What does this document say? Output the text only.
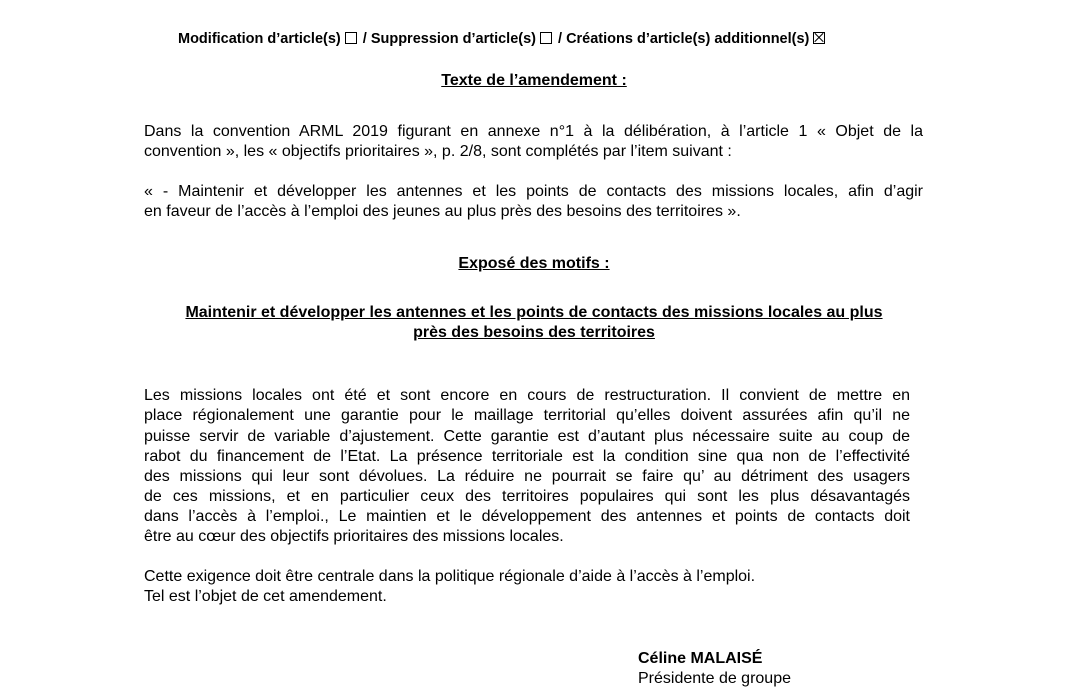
Modification d’article(s) / Suppression d’article(s) / Créations d’article(s) additionnel(s)
Texte de l’amendement :
Dans la convention ARML 2019 figurant en annexe n°1 à la délibération, à l’article 1 « Objet de la
convention », les « objectifs prioritaires », p. 2/8, sont complétés par l’item suivant :
« - Maintenir et développer les antennes et les points de contacts des missions locales, afin d’agir
en faveur de l’accès à l’emploi des jeunes au plus près des besoins des territoires ».
Exposé des motifs :
Maintenir et développer les antennes et les points de contacts des missions locales au plus
près des besoins des territoires
Les missions locales ont été et sont encore en cours de restructuration. Il convient de mettre en
place régionalement une garantie pour le maillage territorial qu’elles doivent assurées afin qu’il ne
puisse servir de variable d’ajustement. Cette garantie est d’autant plus nécessaire suite au coup de
rabot du financement de l’Etat. La présence territoriale est la condition sine qua non de l’effectivité
des missions qui leur sont dévolues. La réduire ne pourrait se faire qu’ au détriment des usagers
de ces missions, et en particulier ceux des territoires populaires qui sont les plus désavantagés
dans l’accès à l’emploi., Le maintien et le développement des antennes et points de contacts doit
être au cœur des objectifs prioritaires des missions locales.
Cette exigence doit être centrale dans la politique régionale d’aide à l’accès à l’emploi.
Tel est l’objet de cet amendement.
Céline MALAISÉ
Présidente de groupe
